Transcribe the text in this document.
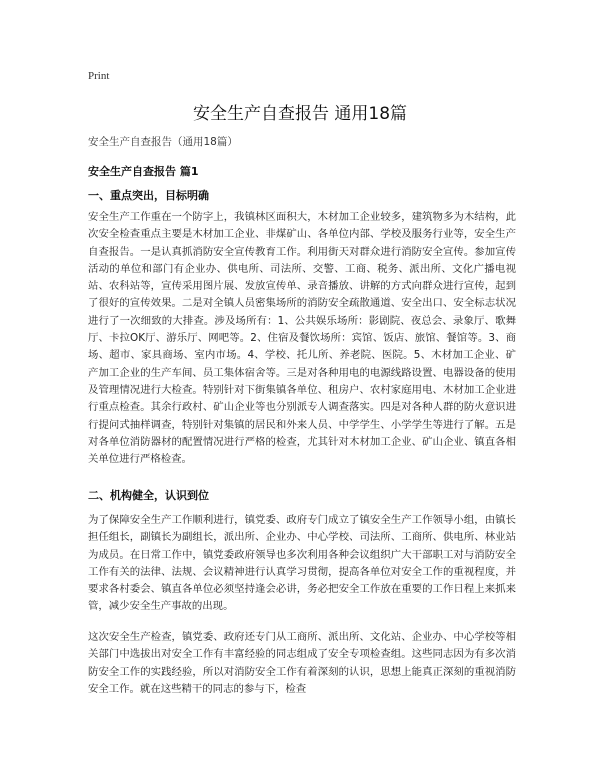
Print
安全生产自查报告 通用18篇
安全生产自查报告（通用18篇）
安全生产自查报告 篇1
一、重点突出，目标明确

安全生产工作重在一个防字上，我镇林区面积大，木材加工企业较多，建筑物多为木结构，此次安全检查重点主要是木材加工企业、非煤矿山、各单位内部、学校及服务行业等，安全生产自查报告。一是认真抓消防安全宣传教育工作。利用街天对群众进行消防安全宣传。参加宣传活动的单位和部门有企业办、供电所、司法所、交警、工商、税务、派出所、文化广播电视站、农科站等，宣传采用图片展、发放宣传单、录音播放、讲解的方式向群众进行宣传，起到了很好的宣传效果。二是对全镇人员密集场所的消防安全疏散通道、安全出口、安全标志状况进行了一次细致的大排查。涉及场所有：1、公共娱乐场所：影剧院、夜总会、录象厅、歌舞厅、卡拉OK厅、游乐厅、网吧等。2、住宿及餐饮场所：宾馆、饭店、旅馆、餐馆等。3、商场、超市、家具商场、室内市场。4、学校、托儿所、养老院、医院。5、木材加工企业、矿产加工企业的生产车间、员工集体宿舍等。三是对各种用电的电源线路设置、电器设备的使用及管理情况进行大检查。特别针对下街集镇各单位、租房户、农村家庭用电、木材加工企业进行重点检查。其余行政村、矿山企业等也分别派专人调查落实。四是对各种人群的防火意识进行提问式抽样调查，特别针对集镇的居民和外来人员、中学学生、小学学生等进行了解。五是对各单位消防器材的配置情况进行严格的检查，尤其针对木材加工企业、矿山企业、镇直各相关单位进行严格检查。

二、机构健全，认识到位

为了保障安全生产工作顺利进行，镇党委、政府专门成立了镇安全生产工作领导小组，由镇长担任组长，副镇长为副组长，派出所、企业办、中心学校、司法所、工商所、供电所、林业站为成员。在日常工作中，镇党委政府领导也多次利用各种会议组织广大干部职工对与消防安全工作有关的法律、法规、会议精神进行认真学习贯彻，提高各单位对安全工作的重视程度，并要求各村委会、镇直各单位必须坚持逢会必讲，务必把安全工作放在重要的工作日程上来抓来管，减少安全生产事故的出现。

这次安全生产检查，镇党委、政府还专门从工商所、派出所、文化站、企业办、中心学校等相关部门中选拔出对安全工作有丰富经验的同志组成了安全专项检查组。这些同志因为有多次消防安全工作的实践经验，所以对消防安全工作有着深刻的认识，思想上能真正深刻的重视消防安全工作。就在这些精干的同志的参与下，检查
